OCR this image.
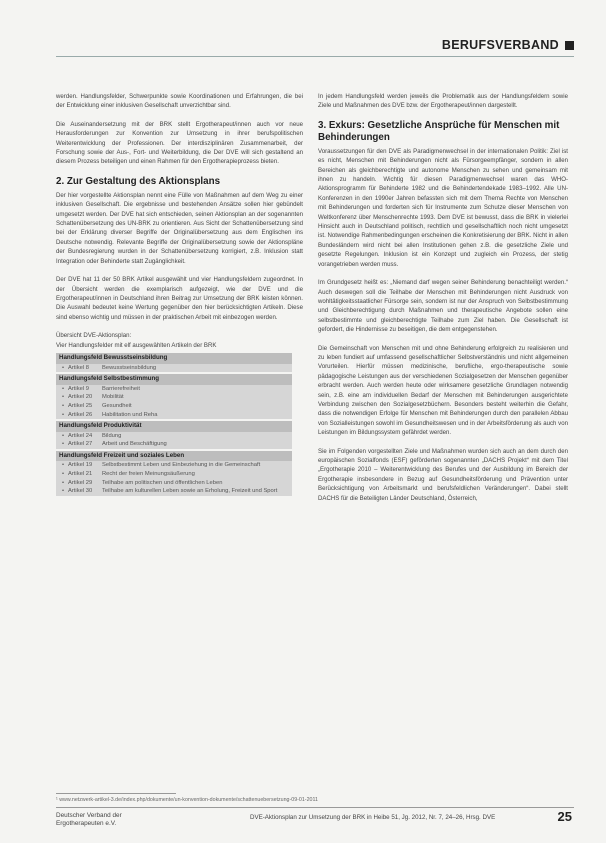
BERUFSVERBAND

werden. Handlungsfelder, Schwerpunkte sowie Koordinationen und Erfahrungen, die bei der Entwicklung einer inklusiven Gesellschaft unverzichtbar sind.

Die Auseinandersetzung mit der BRK stellt Ergotherapeut/innen auch vor neue Herausforderungen zur Konvention zur Umsetzung in ihrer berufspolitischen Weiterentwicklung der Professionen. Der interdisziplinären Zusammenarbeit, der Forschung sowie der Aus-, Fort- und Weiterbildung, die Der DVE will sich gestaltend an diesem Prozess beteiligen und einen Rahmen für den Ergotherapieprozess bieten.

2. Zur Gestaltung des Aktionsplans

Der hier vorgestellte Aktionsplan nennt eine Fülle von Maßnahmen auf dem Weg zu einer inklusiven Gesellschaft. Die ergebnisse und bestehenden Ansätze sollen hier gebündelt umgesetzt werden. Der DVE hat sich entschieden, seinen Aktionsplan an der sogenannten Schattenübersetzung des UN-BRK zu orientieren. Aus Sicht der Schattenübersetzung sind bei der Erklärung diverser Begriffe der Originalübersetzung aus dem Englischen ins Deutsche notwendig. Relevante Begriffe der Originalübersetzung sowie der Aktionspläne der Bundesregierung wurden in der Schattenübersetzung korrigiert, z.B. Inklusion statt Integration oder Behinderte statt Zugänglichkeit.

Der DVE hat 11 der 50 BRK Artikel ausgewählt und vier Handlungsfeldern zugeordnet. In der Übersicht werden die exemplarisch aufgezeigt, wie der DVE und die Ergotherapeut/innen in Deutschland ihren Beitrag zur Umsetzung der BRK leisten können. Die Auswahl bedeutet keine Wertung gegenüber den hier berücksichtigten Artikeln. Diese sind ebenso wichtig und müssen in der praktischen Arbeit mit einbezogen werden.

Übersicht DVE-Aktionsplan:
Vier Handlungsfelder mit elf ausgewählten Artikeln der BRK
Handlungsfeld Bewusstseinsbildung
• Artikel 8	Bewusstseinsbildung
Handlungsfeld Selbstbestimmung
• Artikel 9	Barrierefreiheit
• Artikel 20	Mobilität
• Artikel 25	Gesundheit
• Artikel 26	Habilitation und Reha
Handlungsfeld Produktivität
• Artikel 24	Bildung
• Artikel 27	Arbeit und Beschäftigung
Handlungsfeld Freizeit und soziales Leben
• Artikel 19	Selbstbestimmt Leben und Einbeziehung in die Gemeinschaft
• Artikel 21	Recht der freien Meinungsäußerung
• Artikel 29	Teilhabe am politischen und öffentlichen Leben
• Artikel 30	Teilhabe am kulturellen Leben sowie an Erholung, Freizeit und Sport

In jedem Handlungsfeld werden jeweils die Problematik aus der Handlungsfeldern sowie Ziele und Maßnahmen des DVE bzw. der Ergotherapeut/innen dargestellt.

3. Exkurs: Gesetzliche Ansprüche für Menschen mit Behinderungen

Voraussetzungen für den DVE als Paradigmenwechsel in der internationalen Politik: Ziel ist es nicht, Menschen mit Behinderungen nicht als Fürsorgeempfänger, sondern in allen Bereichen als gleichberechtigte und autonome Menschen zu sehen und gemeinsam mit ihnen zu handeln. Wichtig für diesen Paradigmenwechsel waren das WHO-Aktionsprogramm für Behinderte 1982 und die Behindertendekade 1983–1992. Alle UN-Konferenzen in den 1990er Jahren befassten sich mit dem Thema Rechte von Menschen mit Behinderungen und forderten sich für Instrumente zum Schutze dieser Menschen von Weltkonferenz über Menschenrechte 1993. Dem DVE ist bewusst, dass die BRK in vielerlei Hinsicht auch in Deutschland politisch, rechtlich und gesellschaftlich noch nicht umgesetzt ist. Notwendige Rahmenbedingungen erscheinen die Konkretisierung der BRK. Nicht in allen Bundesländern wird nicht bei allen Institutionen gehen z.B. die gesetzliche Ziele und gesetzte Regelungen. Inklusion ist ein Konzept und zugleich ein Prozess, der stetig vorangetrieben werden muss.

Im Grundgesetz heißt es: „Niemand darf wegen seiner Behinderung benachteiligt werden.“ Auch deswegen soll die Teilhabe der Menschen mit Behinderungen nicht Ausdruck von wohltätigkeitsstaatlicher Fürsorge sein, sondern ist nur der Anspruch von Selbstbestimmung und Gleichberechtigung durch Maßnahmen und therapeutische Angebote sollen eine selbstbestimmte und gleichberechtigte Teilhabe zum Ziel haben. Die Gesellschaft ist gefordert, die Hindernisse zu beseitigen, die dem entgegenstehen.

Die Gemeinschaft von Menschen mit und ohne Behinderung erfolgreich zu realisieren und zu leben fundiert auf umfassend gesellschaftlicher Selbstverständnis und nicht allgemeinen Vorurteilen. Hierfür müssen medizinische, berufliche, ergo-therapeutische sowie pädagogische Leistungen aus der verschiedenen Sozialgesetzen der Menschen gegenüber erbracht werden. Auch werden heute oder wirksamere gesetzliche Grundlagen notwendig sein, z.B. eine am individuellen Bedarf der Menschen mit Behinderungen ausgerichtete Verbindung zwischen den Sozialgesetzbüchern. Besonders besteht weiterhin die Gefahr, dass die notwendigen Erfolge für Menschen mit Behinderungen durch den parallelen Abbau von Sozialleistungen sowohl im Gesundheitswesen und in der Arbeitsförderung als auch von Leistungen im Bildungssystem gefährdet werden.

Sie im Folgenden vorgestellten Ziele und Maßnahmen wurden sich auch an dem durch den europäischen Sozialfonds (ESF) geförderten sogenannten „DACHS Projekt“ mit dem Titel „Ergotherapie 2010 – Weiterentwicklung des Berufes und der Ausbildung im Bereich der Ergotherapie insbesondere in Bezug auf Gesundheitsförderung und Prävention unter Berücksichtigung von Arbeitsmarkt und berufsfeldlichen Veränderungen“. Dabei stellt DACHS für die Beteiligten Länder Deutschland, Österreich,

¹ www.netzwerk-artikel-3.de/index.php/dokumente/un-konvention-dokumente/schattenuebersetzung-09-01-2011
Deutscher Verband der
Ergotherapeuten e.V.
DVE-Aktionsplan zur Umsetzung der BRK in Heibe 51, Jg. 2012, Nr. 7, 24–26, Hrsg. DVE	25
